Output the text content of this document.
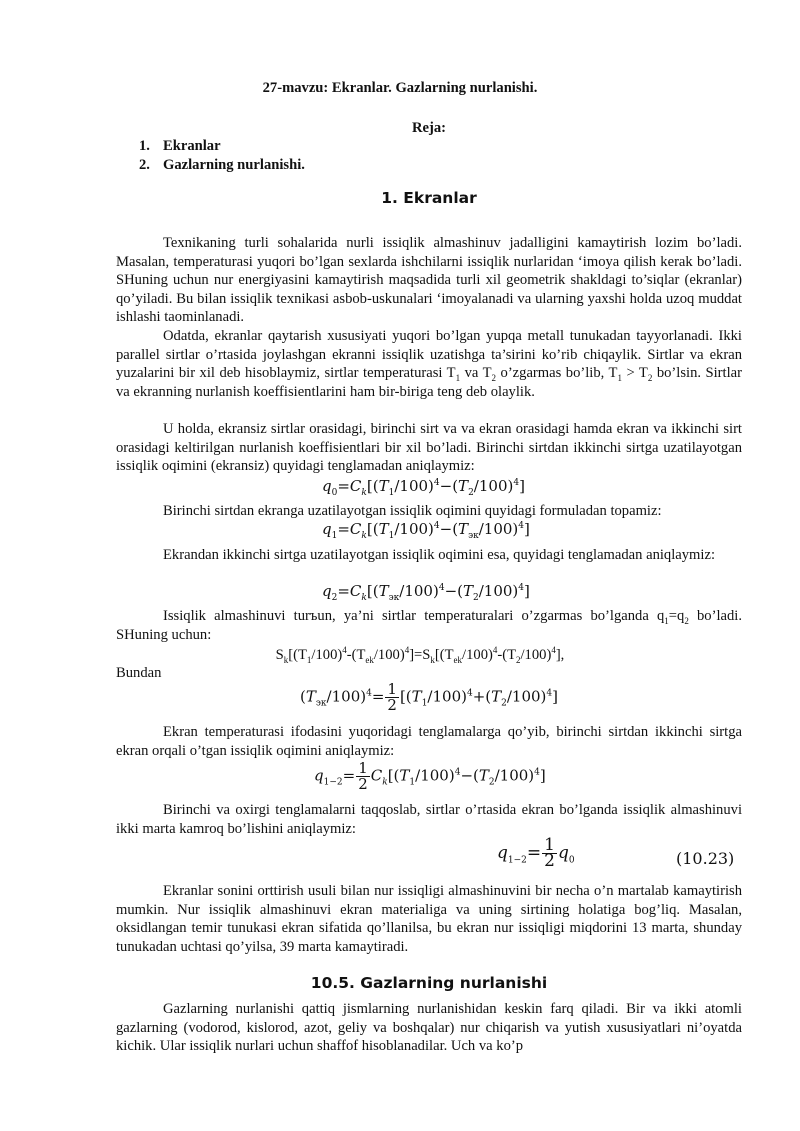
27-mavzu: Ekranlar. Gazlarning nurlanishi.
Reja:
1. Ekranlar
2. Gazlarning nurlanishi.
1. Ekranlar

Texnikaning turli sohalarida nurli issiqlik almashinuv jadalligini kamaytirish lozim bo’ladi. Masalan, temperaturasi yuqori bo’lgan sexlarda ishchilarni issiqlik nurlaridan ‘imoya qilish kerak bo’ladi. SHuning uchun nur energiyasini kamaytirish maqsadida turli xil geometrik shakldagi to’siqlar (ekranlar) qo’yiladi. Bu bilan issiqlik texnikasi asbob-uskunalari ‘imoyalanadi va ularning yaxshi holda uzoq muddat ishlashi taominlanadi.

Odatda, ekranlar qaytarish xususiyati yuqori bo’lgan yupqa metall tunukadan tayyorlanadi. Ikki parallel sirtlar o’rtasida joylashgan ekranni issiqlik uzatishga ta’sirini ko’rib chiqaylik. Sirtlar va ekran yuzalarini bir xil deb hisoblaymiz, sirtlar temperaturasi $T_1$ va $T_2$ o’zgarmas bo’lib, $T_1 > T_2$ bo’lsin. Sirtlar va ekranning nurlanish koeffisientlarini ham bir-biriga teng deb olaylik.

U holda, ekransiz sirtlar orasidagi, birinchi sirt va va ekran orasidagi hamda ekran va ikkinchi sirt orasidagi keltirilgan nurlanish koeffisientlari bir xil bo’ladi. Birinchi sirtdan ikkinchi sirtga uzatilayotgan issiqlik oqimini (ekransiz) quyidagi tenglamadan aniqlaymiz:

$q_0=C_k[(T_1/100)^4-(T_2/100)^4]$

Birinchi sirtdan ekranga uzatilayotgan issiqlik oqimini quyidagi formuladan topamiz:

$q_1=C_k[(T_1/100)^4-(T_{эк}/100)^4]$

Ekrandan ikkinchi sirtga uzatilayotgan issiqlik oqimini esa, quyidagi tenglamadan aniqlaymiz:

$q_2=C_k[(T_{эк}/100)^4-(T_2/100)^4]$

Issiqlik almashinuvi turъun, ya’ni sirtlar temperaturalari o’zgarmas bo’lganda $q_1=q_2$ bo’ladi. SHuning uchun:

$S_k[(T_1/100)^4-(T_{ek}/100)^4]=S_k[(T_{ek}/100)^4-(T_2/100)^4]$,
Bundan
$(T_{эк}/100)^4= \frac{1}{2} [(T_1/100)^4+(T_2/100)^4]$

Ekran temperaturasi ifodasini yuqoridagi tenglamalarga qo’yib, birinchi sirtdan ikkinchi sirtga ekran orqali o’tgan issiqlik oqimini aniqlaymiz:

$q_{1-2}= \frac{1}{2} C_k[(T_1/100)^4-(T_2/100)^4]$

Birinchi va oxirgi tenglamalarni taqqoslab, sirtlar o’rtasida ekran bo’lganda issiqlik almashinuvi ikki marta kamroq bo’lishini aniqlaymiz:

$q_{1-2}= \frac{1}{2} q_0$	(10.23)

Ekranlar sonini orttirish usuli bilan nur issiqligi almashinuvini bir necha o’n martalab kamaytirish mumkin. Nur issiqlik almashinuvi ekran materialiga va uning sirtining holatiga bog’liq. Masalan, oksidlangan temir tunukasi ekran sifatida qo’llanilsa, bu ekran nur issiqligi miqdorini 13 marta, shunday tunukadan uchtasi qo’yilsa, 39 marta kamaytiradi.

10.5. Gazlarning nurlanishi

Gazlarning nurlanishi qattiq jismlarning nurlanishidan keskin farq qiladi. Bir va ikki atomli gazlarning (vodorod, kislorod, azot, geliy va boshqalar) nur chiqarish va yutish xususiyatlari ni’oyatda kichik. Ular issiqlik nurlari uchun shaffof hisoblanadilar. Uch va ko’p
